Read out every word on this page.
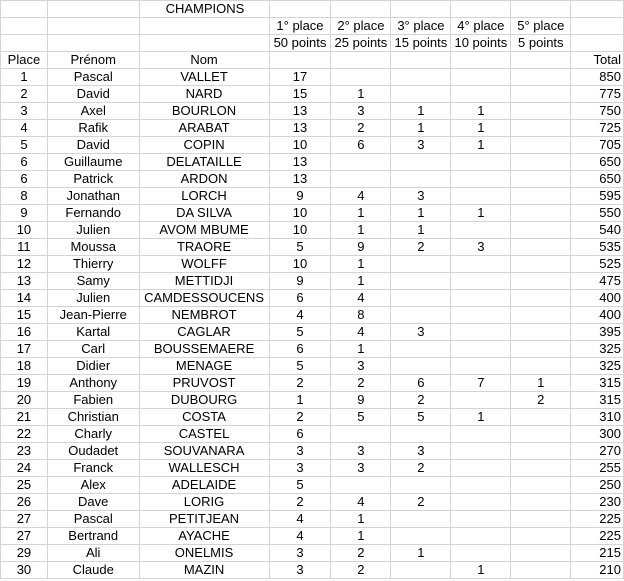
		CHAMPIONS						
			1° place	2° place	3° place	4° place	5° place	
			50 points	25 points	15 points	10 points	5 points	
Place	Prénom	Nom						Total
1	Pascal	VALLET	17					850
2	David	NARD	15	1				775
3	Axel	BOURLON	13	3	1	1		750
4	Rafik	ARABAT	13	2	1	1		725
5	David	COPIN	10	6	3	1		705
6	Guillaume	DELATAILLE	13					650
6	Patrick	ARDON	13					650
8	Jonathan	LORCH	9	4	3			595
9	Fernando	DA SILVA	10	1	1	1		550
10	Julien	AVOM MBUME	10	1	1			540
11	Moussa	TRAORE	5	9	2	3		535
12	Thierry	WOLFF	10	1				525
13	Samy	METTIDJI	9	1				475
14	Julien	CAMDESSOUCENS	6	4				400
15	Jean-Pierre	NEMBROT	4	8				400
16	Kartal	CAGLAR	5	4	3			395
17	Carl	BOUSSEMAERE	6	1				325
18	Didier	MENAGE	5	3				325
19	Anthony	PRUVOST	2	2	6	7	1	315
20	Fabien	DUBOURG	1	9	2		2	315
21	Christian	COSTA	2	5	5	1		310
22	Charly	CASTEL	6					300
23	Oudadet	SOUVANARA	3	3	3			270
24	Franck	WALLESCH	3	3	2			255
25	Alex	ADELAIDE	5					250
26	Dave	LORIG	2	4	2			230
27	Pascal	PETITJEAN	4	1				225
27	Bertrand	AYACHE	4	1				225
29	Ali	ONELMIS	3	2	1			215
30	Claude	MAZIN	3	2		1		210
